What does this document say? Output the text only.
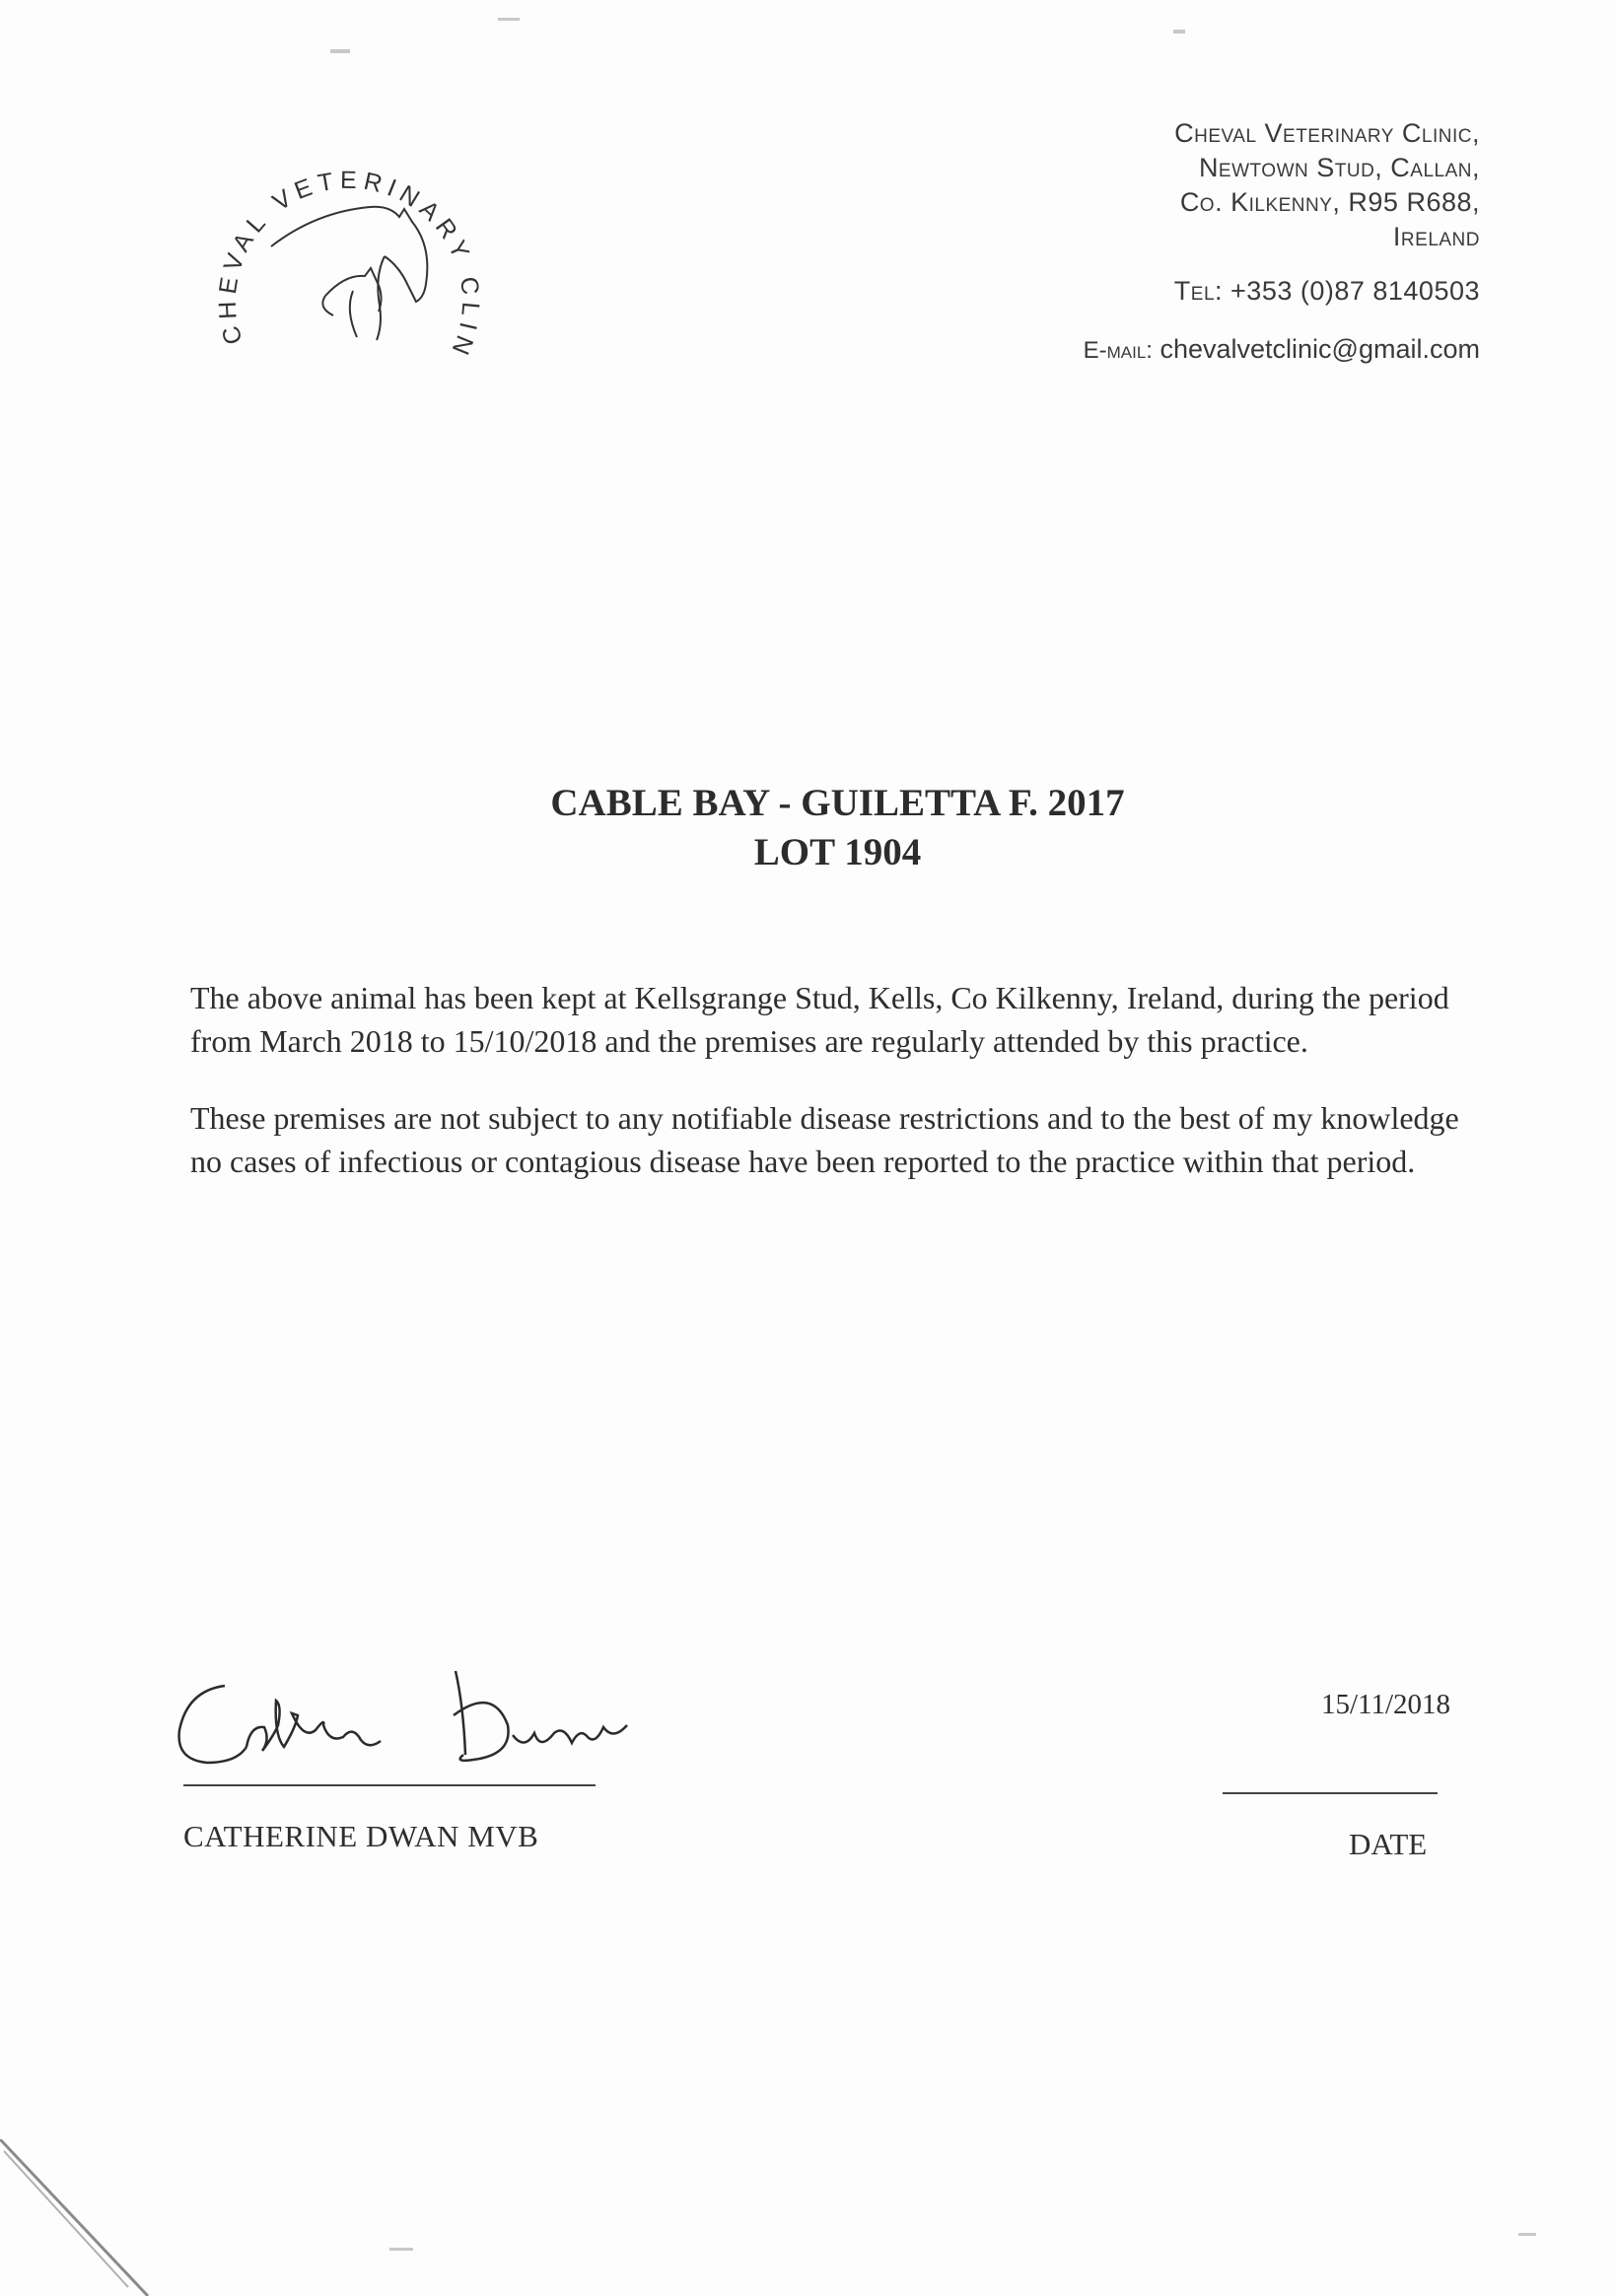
CHEVAL VETERINARY CLIN
Cheval Veterinary Clinic,
Newtown Stud, Callan,
Co. Kilkenny, R95 R688,
Ireland
Tel: +353 (0)87 8140503
E-mail: chevalvetclinic@gmail.com
CABLE BAY - GUILETTA F. 2017
LOT 1904

The above animal has been kept at Kellsgrange Stud, Kells, Co Kilkenny, Ireland, during the period from March 2018 to 15/10/2018 and the premises are regularly attended by this practice.

These premises are not subject to any notifiable disease restrictions and to the best of my knowledge no cases of infectious or contagious disease have been reported to the practice within that period.

CATHERINE DWAN MVB
15/11/2018
DATE
